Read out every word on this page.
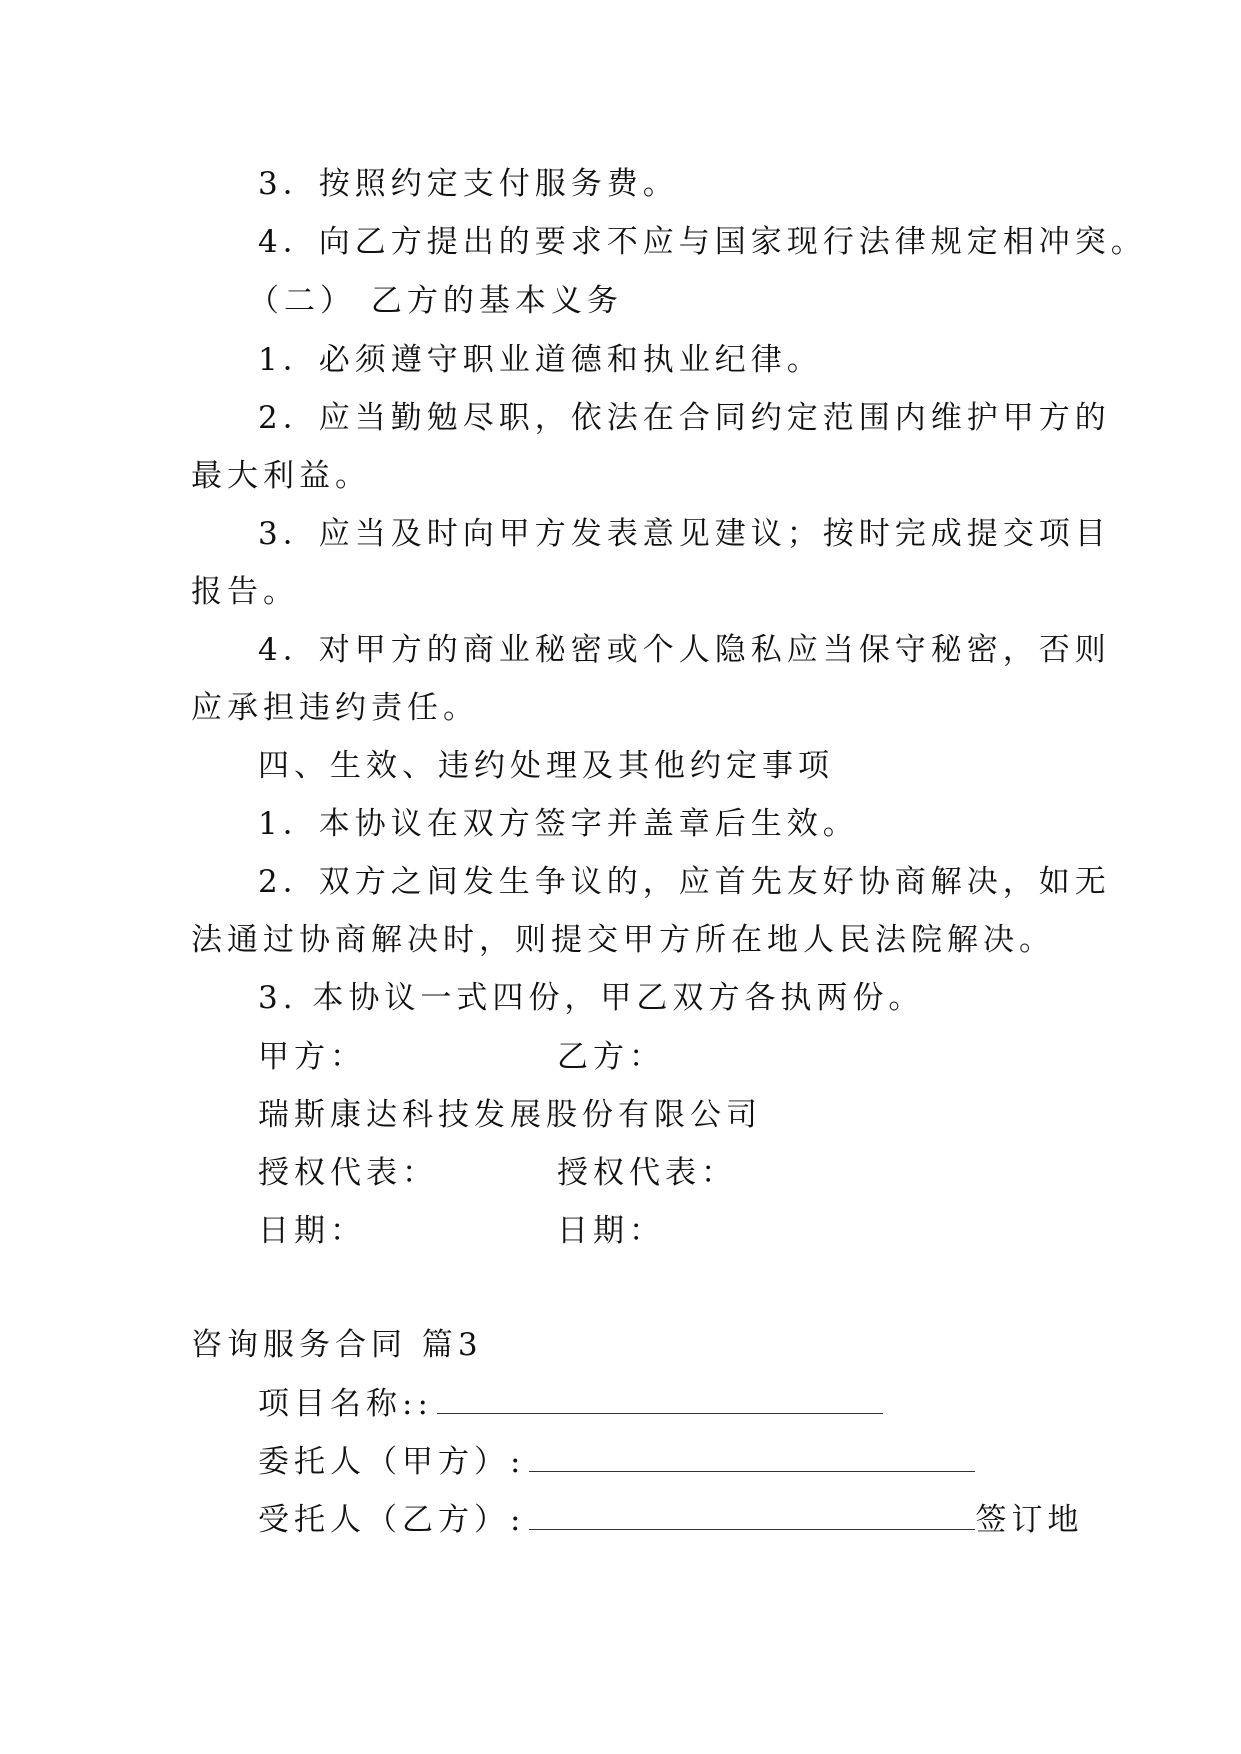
3．按照约定支付服务费。
4．向乙方提出的要求不应与国家现行法律规定相冲突。
（二） 乙方的基本义务
1．必须遵守职业道德和执业纪律。
2．应当勤勉尽职，依法在合同约定范围内维护甲方的
最大利益。
3．应当及时向甲方发表意见建议；按时完成提交项目
报告。
4．对甲方的商业秘密或个人隐私应当保守秘密，否则
应承担违约责任。
四、生效、违约处理及其他约定事项
1．本协议在双方签字并盖章后生效。
2．双方之间发生争议的，应首先友好协商解决，如无
法通过协商解决时，则提交甲方所在地人民法院解决。
3. 本协议一式四份，甲乙双方各执两份。
甲方：	乙方：
瑞斯康达科技发展股份有限公司
授权代表：	授权代表：
日期：	日期：
咨询服务合同 篇3
项目名称::
委托人（甲方）:
受托人（乙方）:	签订地
